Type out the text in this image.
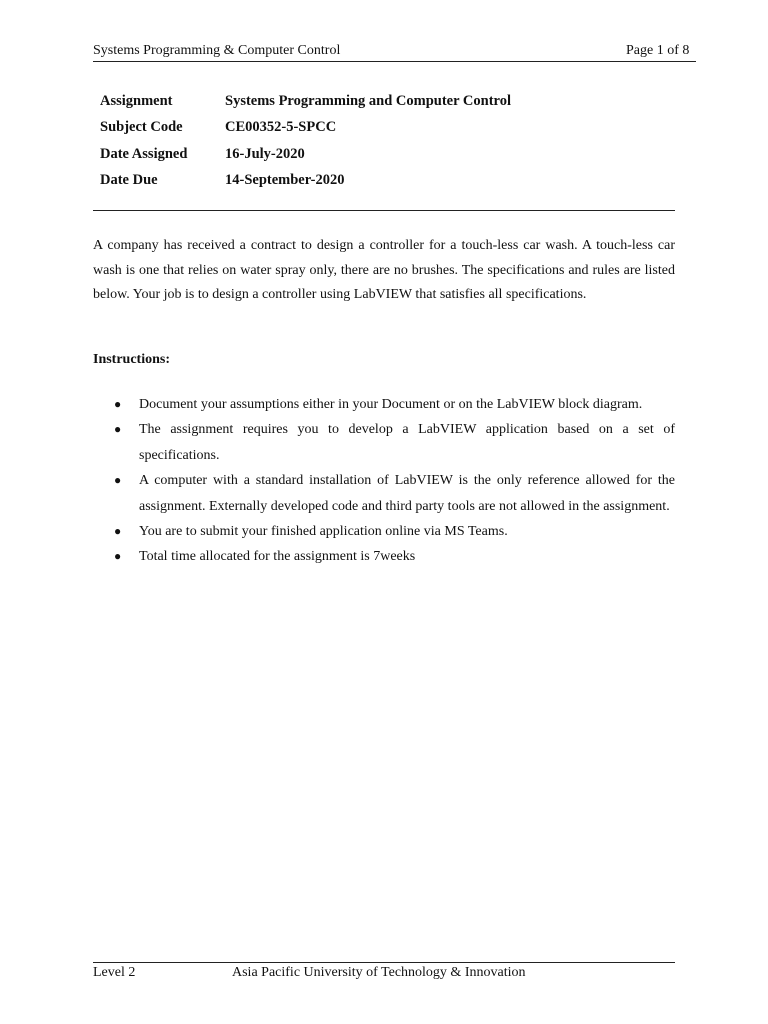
Systems Programming & Computer Control	Page 1 of 8
Assignment	Systems Programming and Computer Control
Subject Code	CE00352-5-SPCC
Date Assigned	16-July-2020
Date Due	14-September-2020
A company has received a contract to design a controller for a touch-less car wash. A touch-less car wash is one that relies on water spray only, there are no brushes. The specifications and rules are listed below. Your job is to design a controller using LabVIEW that satisfies all specifications.
Instructions:
● Document your assumptions either in your Document or on the LabVIEW block diagram.
● The assignment requires you to develop a LabVIEW application based on a set of specifications.
● A computer with a standard installation of LabVIEW is the only reference allowed for the assignment. Externally developed code and third party tools are not allowed in the assignment.
● You are to submit your finished application online via MS Teams.
● Total time allocated for the assignment is 7weeks
Level 2	Asia Pacific University of Technology & Innovation
